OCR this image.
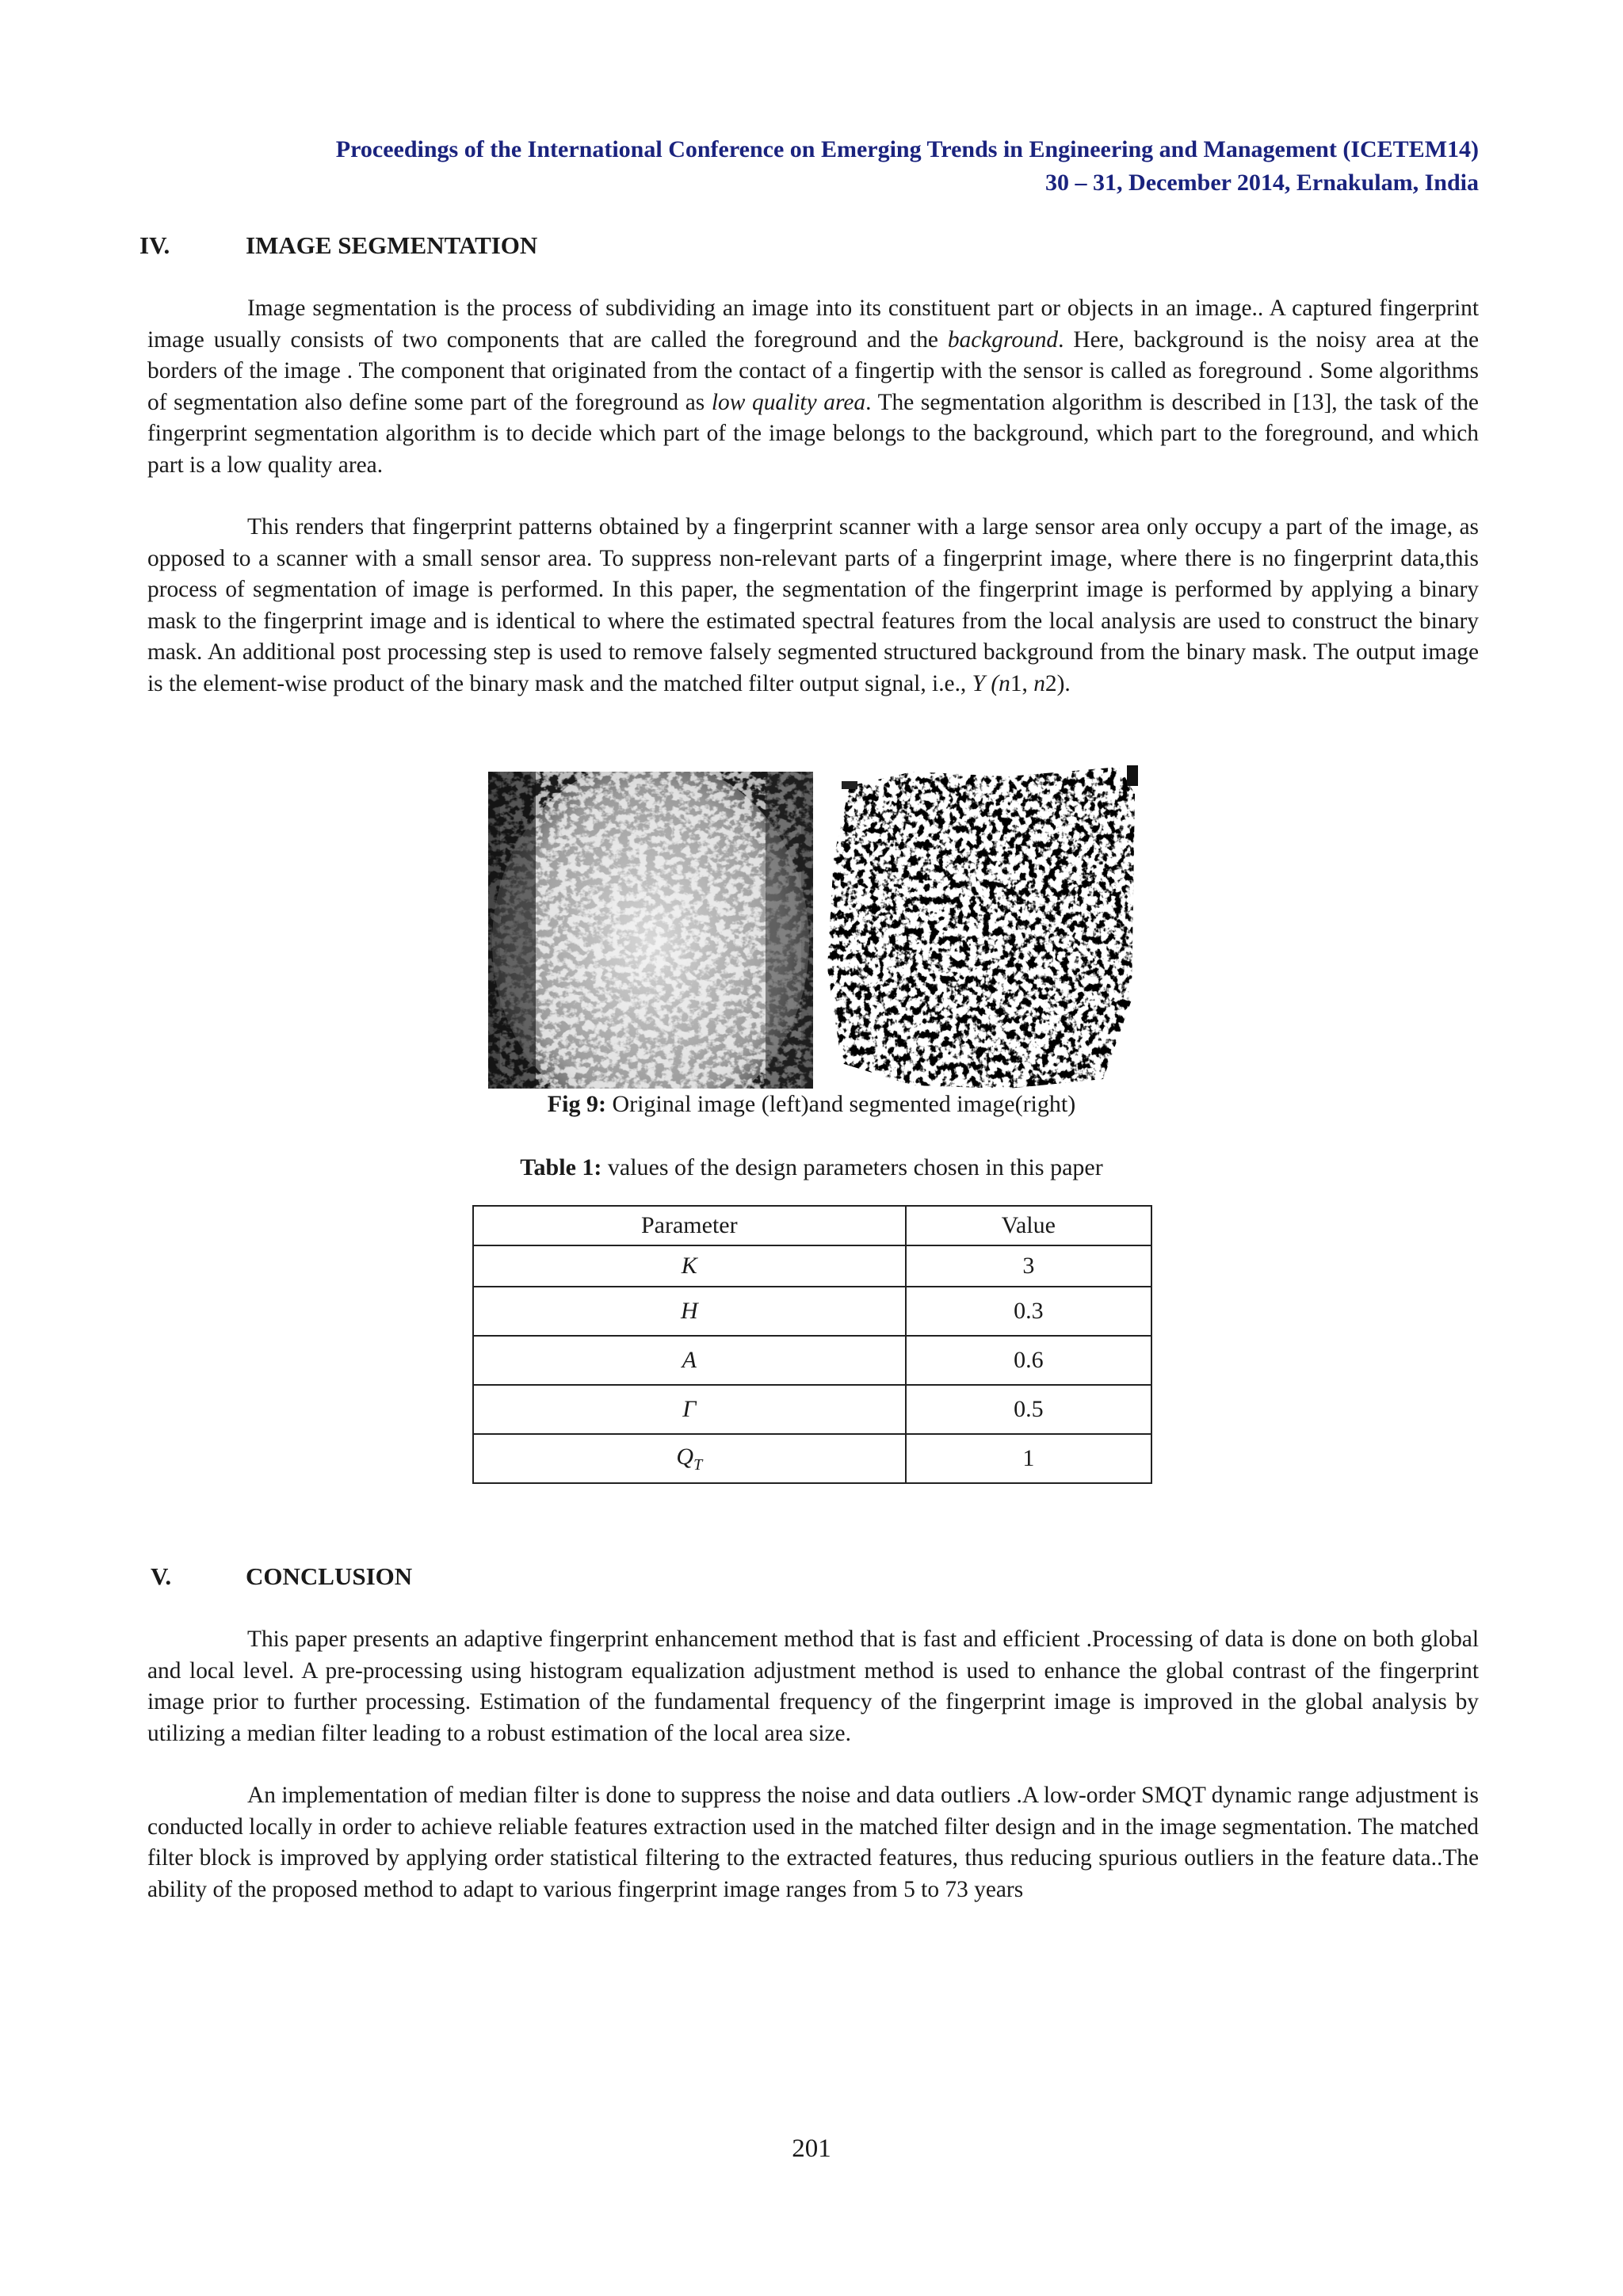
Proceedings of the International Conference on Emerging Trends in Engineering and Management (ICETEM14)
30 – 31, December 2014, Ernakulam, India
IV.	IMAGE SEGMENTATION

Image segmentation is the process of subdividing an image into its constituent part or objects in an image.. A captured fingerprint image usually consists of two components that are called the foreground and the background. Here, background is the noisy area at the borders of the image . The component that originated from the contact of a fingertip with the sensor is called as foreground . Some algorithms of segmentation also define some part of the foreground as low quality area. The segmentation algorithm is described in [13], the task of the fingerprint segmentation algorithm is to decide which part of the image belongs to the background, which part to the foreground, and which part is a low quality area.

This renders that fingerprint patterns obtained by a fingerprint scanner with a large sensor area only occupy a part of the image, as opposed to a scanner with a small sensor area. To suppress non-relevant parts of a fingerprint image, where there is no fingerprint data,this process of segmentation of image is performed. In this paper, the segmentation of the fingerprint image is performed by applying a binary mask to the fingerprint image and is identical to where the estimated spectral features from the local analysis are used to construct the binary mask. An additional post processing step is used to remove falsely segmented structured background from the binary mask. The output image is the element-wise product of the binary mask and the matched filter output signal, i.e., Y (n1, n2).

Fig 9: Original image (left)and segmented image(right)
Table 1: values of the design parameters chosen in this paper
Parameter	Value
K	3
H	0.3
A	0.6
Γ	0.5
$Q_T$	1
V.	CONCLUSION

This paper presents an adaptive fingerprint enhancement method that is fast and efficient .Processing of data is done on both global and local level. A pre-processing using histogram equalization adjustment method is used to enhance the global contrast of the fingerprint image prior to further processing. Estimation of the fundamental frequency of the fingerprint image is improved in the global analysis by utilizing a median filter leading to a robust estimation of the local area size.

An implementation of median filter is done to suppress the noise and data outliers .A low-order SMQT dynamic range adjustment is conducted locally in order to achieve reliable features extraction used in the matched filter design and in the image segmentation. The matched filter block is improved by applying order statistical filtering to the extracted features, thus reducing spurious outliers in the feature data..The ability of the proposed method to adapt to various fingerprint image ranges from 5 to 73 years

201
